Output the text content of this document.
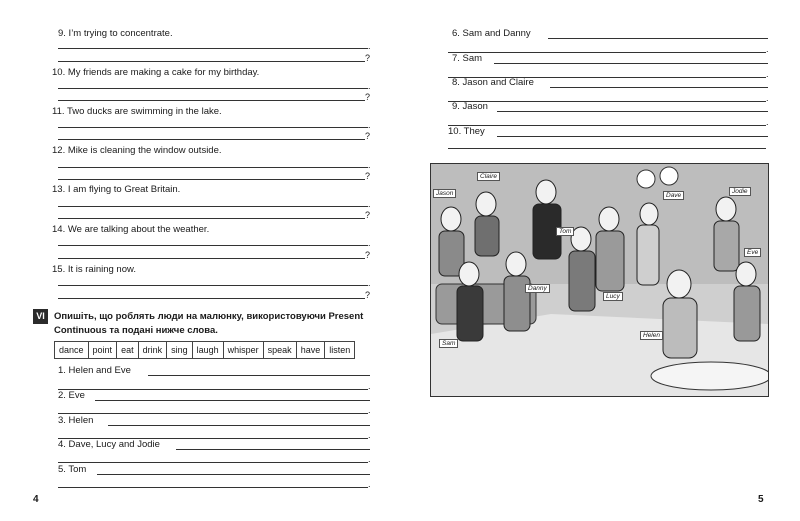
9. I’m trying to concentrate.
.
?
10. My friends are making a cake for my birthday.
.
?
11. Two ducks are swimming in the lake.
.
?
12. Mike is cleaning the window outside.
.
?
13. I am flying to Great Britain.
.
?
14. We are talking about the weather.
.
?
15. It is raining now.
.
?
VI Опишіть, що роблять люди на малюнку, використовуючи Present Continuous та подані нижче слова.
dance	point	eat	drink	sing	laugh	whisper	speak	have	listen
1. Helen and Eve
.
2. Eve
.
3. Helen
.
4. Dave, Lucy and Jodie
.
5. Tom
.
4
6. Sam and Danny
.
7. Sam
.
8. Jason and Claire
.
9. Jason
.
10. They
5
Claire
Jason
Tom
Dave
Jodie
Eve
Danny
Lucy
Sam
Helen
